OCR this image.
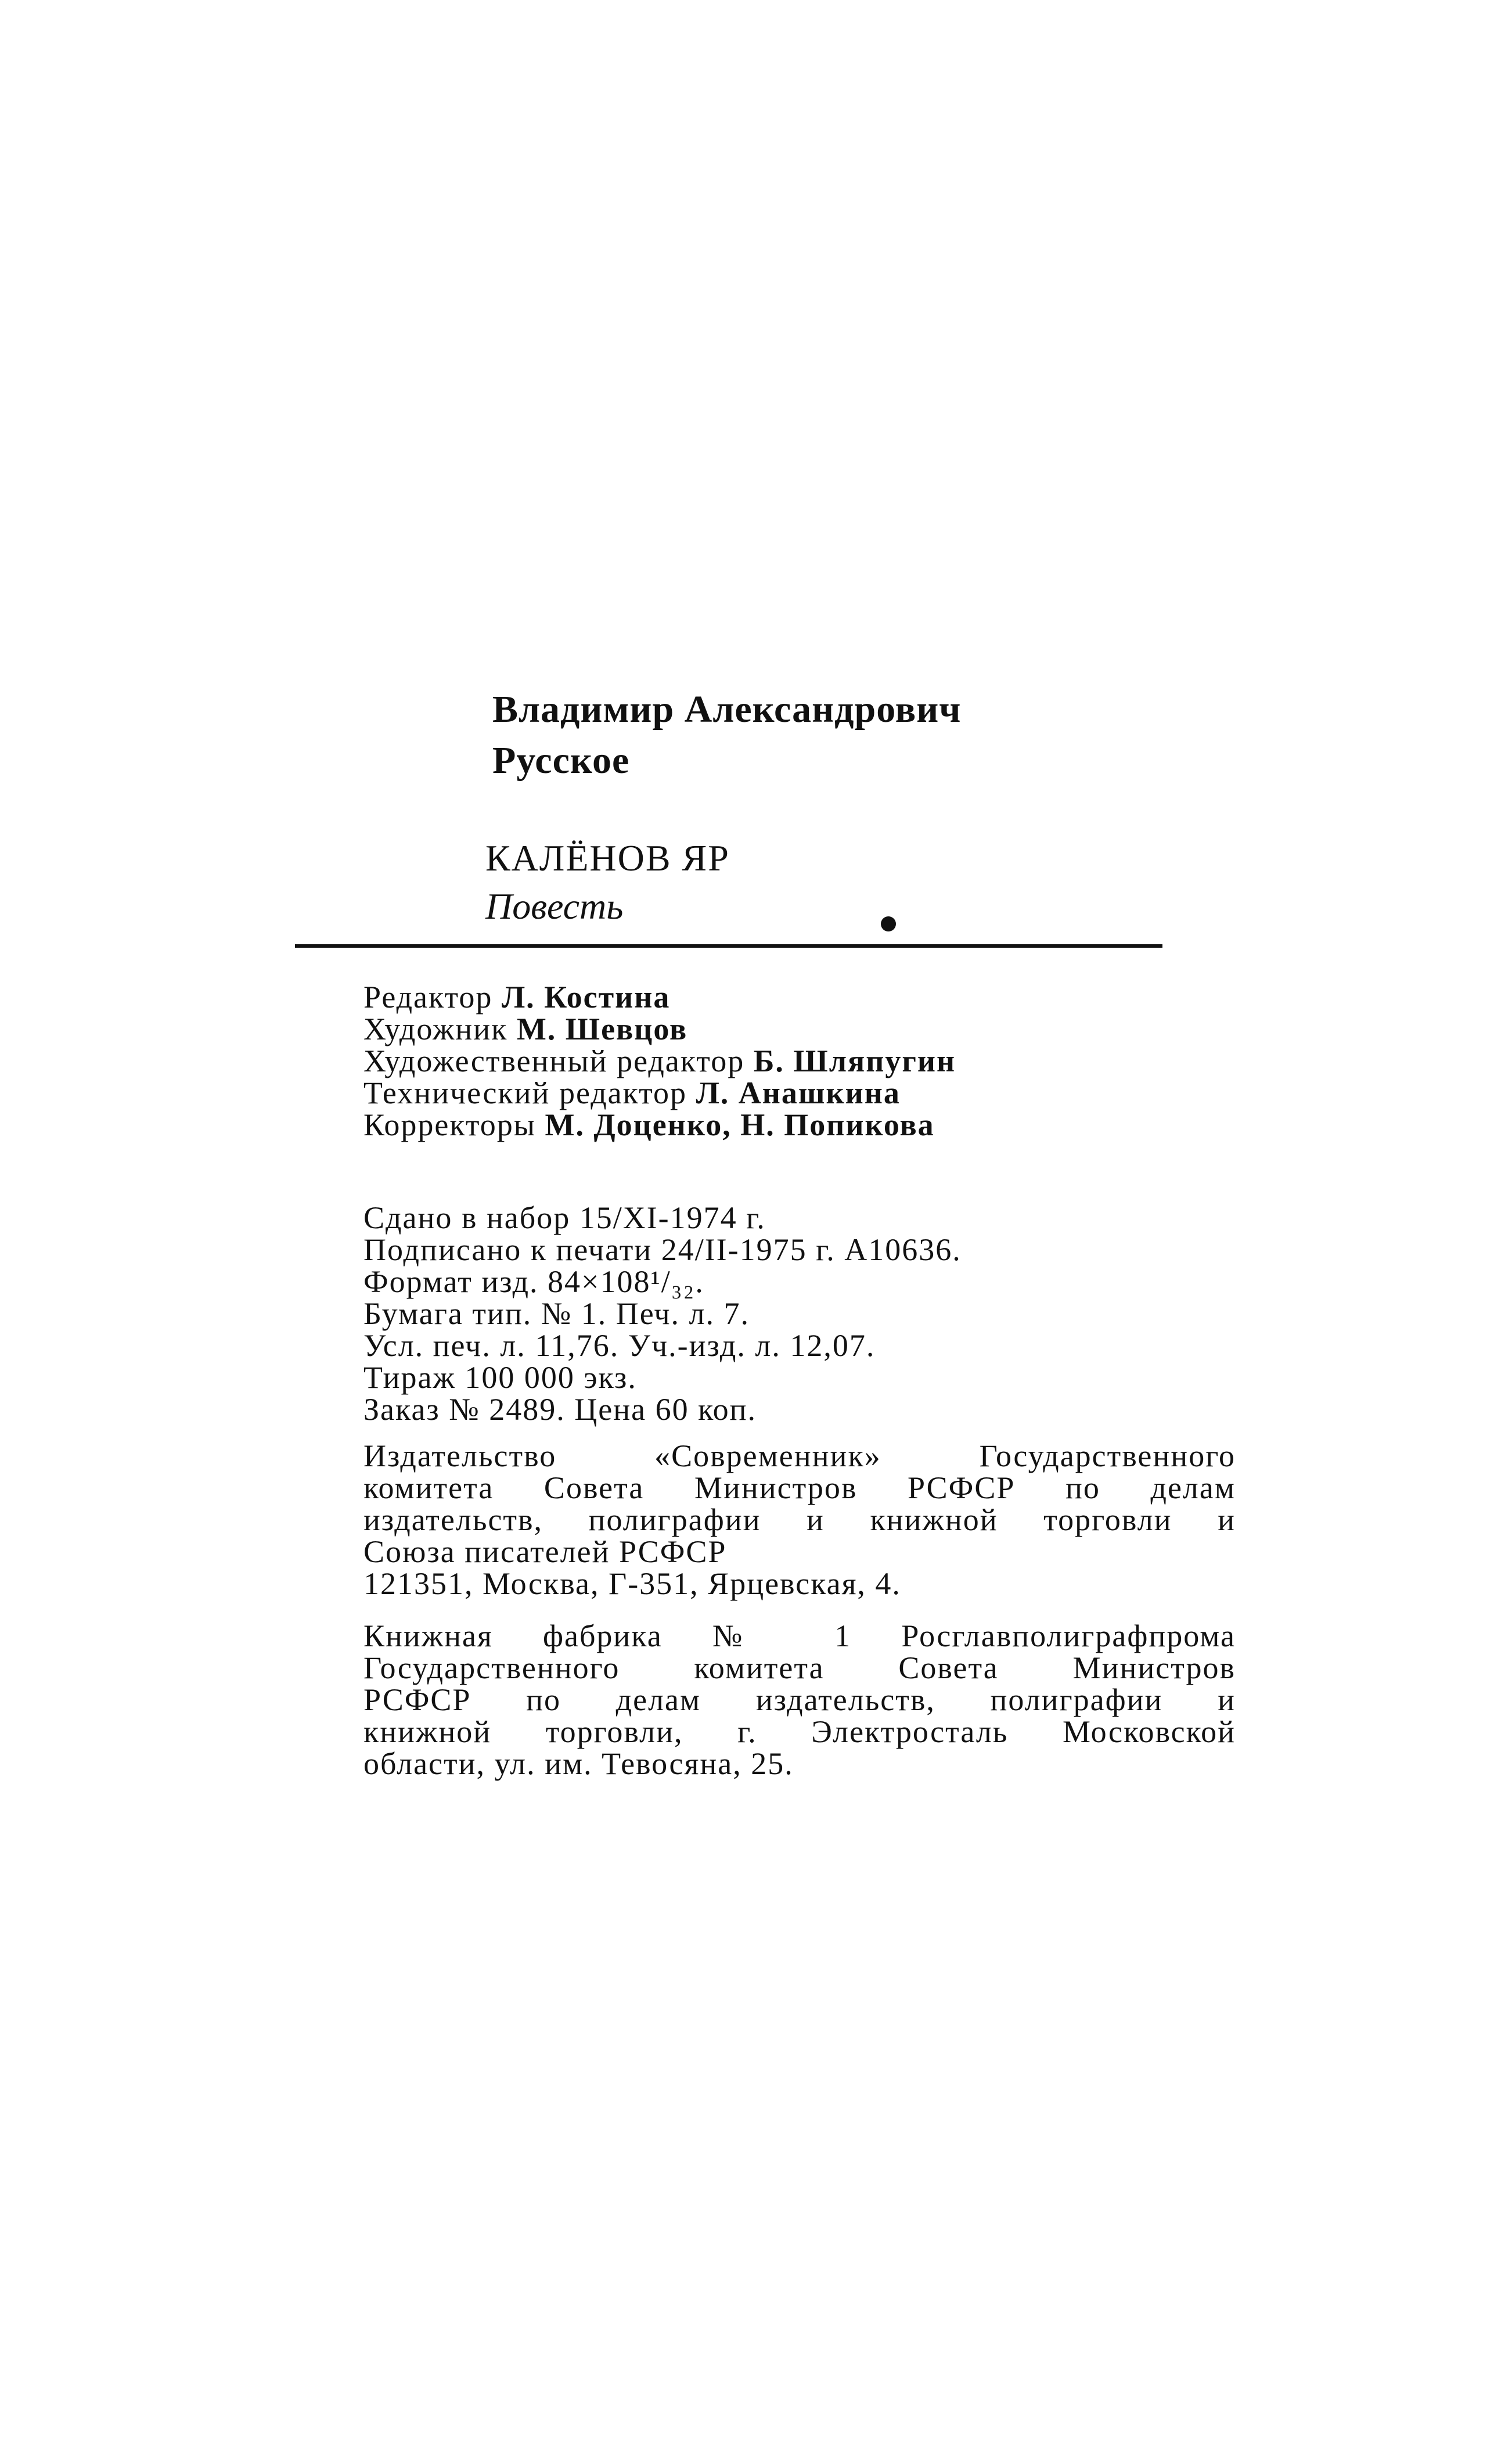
Владимир Александрович
Русское
КАЛЁНОВ ЯР
Повесть
Редактор Л. Костина
Художник М. Шевцов
Художественный редактор Б. Шляпугин
Технический редактор Л. Анашкина
Корректоры М. Доценко, Н. Попикова
Сдано в набор 15/XI-1974 г.
Подписано к печати 24/II-1975 г. А10636.
Формат изд. 84×108¹/₃₂.
Бумага тип. № 1. Печ. л. 7.
Усл. печ. л. 11,76. Уч.-изд. л. 12,07.
Тираж 100 000 экз.
Заказ № 2489. Цена 60 коп.
Издательство «Современник» Государственного
комитета Совета Министров РСФСР по делам
издательств, полиграфии и книжной торговли и
Союза писателей РСФСР
121351, Москва, Г-351, Ярцевская, 4.
Книжная фабрика № 1 Росглавполиграфпрома
Государственного комитета Совета Министров
РСФСР по делам издательств, полиграфии и
книжной торговли, г. Электросталь Московской
области, ул. им. Тевосяна, 25.
